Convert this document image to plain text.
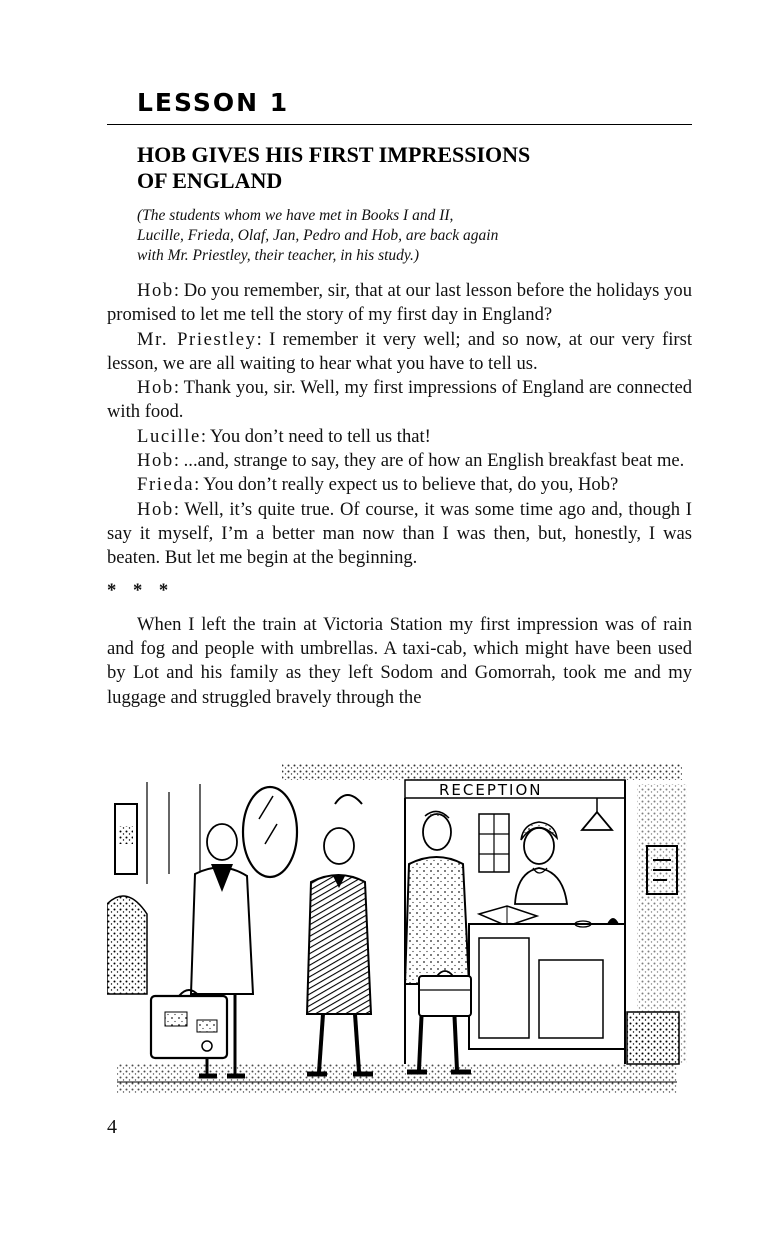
LESSON 1
HOB GIVES HIS FIRST IMPRESSIONS
OF ENGLAND
(The students whom we have met in Books I and II,
Lucille, Frieda, Olaf, Jan, Pedro and Hob, are back again
with Mr. Priestley, their teacher, in his study.)

Hob: Do you remember, sir, that at our last lesson before the holidays you promised to let me tell the story of my first day in England?

Mr. Priestley: I remember it very well; and so now, at our very first lesson, we are all waiting to hear what you have to tell us.

Hob: Thank you, sir. Well, my first impressions of England are connected with food.

Lucille: You don’t need to tell us that!

Hob: ...and, strange to say, they are of how an English breakfast beat me.

Frieda: You don’t really expect us to believe that, do you, Hob?

Hob: Well, it’s quite true. Of course, it was some time ago and, though I say it myself, I’m a better man now than I was then, but, honestly, I was beaten. But let me begin at the beginning.

* * *

When I left the train at Victoria Station my first impression was of rain and fog and people with umbrellas. A taxi-cab, which might have been used by Lot and his family as they left Sodom and Gomorrah, took me and my luggage and struggled bravely through the

RECEPTION
4
